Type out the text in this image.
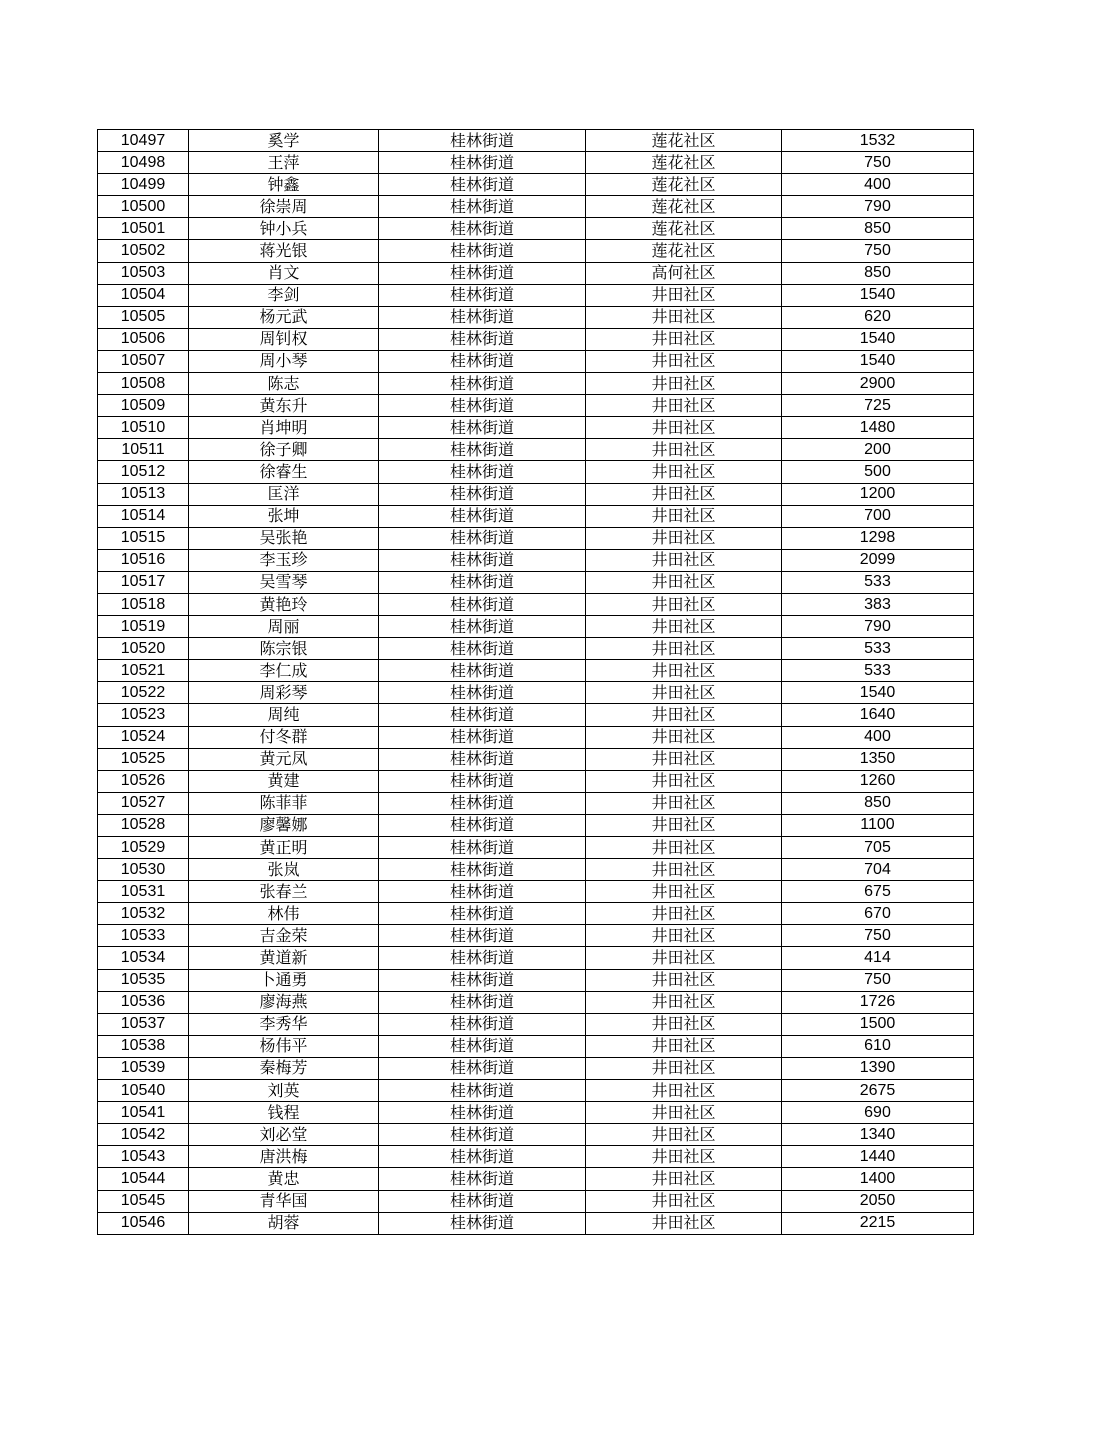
10497	奚学	桂林街道	莲花社区	1532
10498	王萍	桂林街道	莲花社区	750
10499	钟鑫	桂林街道	莲花社区	400
10500	徐崇周	桂林街道	莲花社区	790
10501	钟小兵	桂林街道	莲花社区	850
10502	蒋光银	桂林街道	莲花社区	750
10503	肖文	桂林街道	高何社区	850
10504	李剑	桂林街道	井田社区	1540
10505	杨元武	桂林街道	井田社区	620
10506	周钊权	桂林街道	井田社区	1540
10507	周小琴	桂林街道	井田社区	1540
10508	陈志	桂林街道	井田社区	2900
10509	黄东升	桂林街道	井田社区	725
10510	肖坤明	桂林街道	井田社区	1480
10511	徐子卿	桂林街道	井田社区	200
10512	徐睿生	桂林街道	井田社区	500
10513	匡洋	桂林街道	井田社区	1200
10514	张坤	桂林街道	井田社区	700
10515	吴张艳	桂林街道	井田社区	1298
10516	李玉珍	桂林街道	井田社区	2099
10517	吴雪琴	桂林街道	井田社区	533
10518	黄艳玲	桂林街道	井田社区	383
10519	周丽	桂林街道	井田社区	790
10520	陈宗银	桂林街道	井田社区	533
10521	李仁成	桂林街道	井田社区	533
10522	周彩琴	桂林街道	井田社区	1540
10523	周纯	桂林街道	井田社区	1640
10524	付冬群	桂林街道	井田社区	400
10525	黄元凤	桂林街道	井田社区	1350
10526	黄建	桂林街道	井田社区	1260
10527	陈菲菲	桂林街道	井田社区	850
10528	廖馨娜	桂林街道	井田社区	1100
10529	黄正明	桂林街道	井田社区	705
10530	张岚	桂林街道	井田社区	704
10531	张春兰	桂林街道	井田社区	675
10532	林伟	桂林街道	井田社区	670
10533	吉金荣	桂林街道	井田社区	750
10534	黄道新	桂林街道	井田社区	414
10535	卜通勇	桂林街道	井田社区	750
10536	廖海燕	桂林街道	井田社区	1726
10537	李秀华	桂林街道	井田社区	1500
10538	杨伟平	桂林街道	井田社区	610
10539	秦梅芳	桂林街道	井田社区	1390
10540	刘英	桂林街道	井田社区	2675
10541	钱程	桂林街道	井田社区	690
10542	刘必堂	桂林街道	井田社区	1340
10543	唐洪梅	桂林街道	井田社区	1440
10544	黄忠	桂林街道	井田社区	1400
10545	青华国	桂林街道	井田社区	2050
10546	胡蓉	桂林街道	井田社区	2215
